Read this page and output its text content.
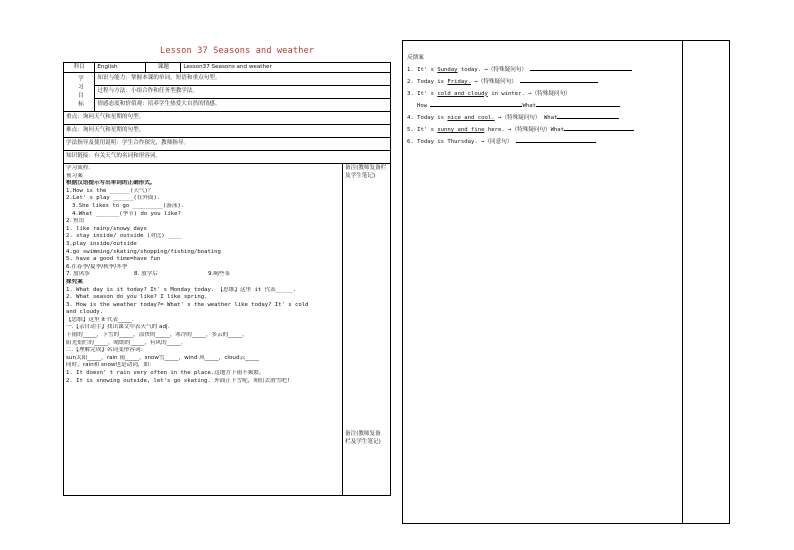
Lesson 37 Seasons and weather
科目	English	课题	Lesson37 Seasons and weather
学习目标	知识与能力：掌握本课的单词，短语和重点句型。
过程与方法：小组合作和任务型教学法。
情感态度和价值观：培养学生热爱大自然的情感。
重点：询问天气和星期的句型。
难点：询问天气和星期的句型。
学法指导及使用说明：学生合作探究，教师指导。
知识链接：有关天气的名词和形容词。

学习流程：
预习案
根据汉语提示写出单词的正确形式。
1.How is the ______(天气)？
2.Let' s play ______(在外面).
3.She likes to go _________(游泳).
4.What _______(季节) do you like?
2. 短语
1. like rainy/snowy days
2. stay inside/ outside (对比) ____
3.play inside/outside
4.go swimming/skating/shopping/fishing/boating
5. have a good time=have fun
6.在春季/夏季/秋季/冬季
7. 放风筝	8. 放学后	9.喝些茶
探究案
1. What day is it today? It' s Monday today. 【思维】这里 it 代表_____.
2. What season do you like? I like spring.
3. How is the weather today?= What' s the weather like today? It' s cold
and cloudy.
【思维】这里 it 代表_____.
一.【亲自动手】找出课文中表天气的 adj.
下雨的_____，下雪的_____，凉快的_____，寒冷的_____，多云的_____，
阳光灿烂的_____，晴朗的_____，有风的_____。
二.【理解完成】名词变形容词：
sun太阳_____，rain 雨_____，snow雪_____，wind 风_____，cloud云_____
同时，rain和 snow也是动词，如：
1. It doesn' t rain very often in the place.这地方下雨不频繁。
2. It is snowing outside, let's go skating. 外面正下雪呢，咱们去滑雪吧!
	备注(教师复备栏及学生笔记)
备注(教师复备栏及学生笔记)
反馈案
1. It' s Sunday today. →（特殊疑问句）
2. Today is Friday. →（特殊疑问句）
3. It' s cold and cloudy in winter. →（特殊疑问句）
How	What
4. Today is nice and cool. →（特殊疑问句） What
5. It' s sunny and fine here. →（特殊疑问句）What
6. Today is Thursday. →（同意句）
